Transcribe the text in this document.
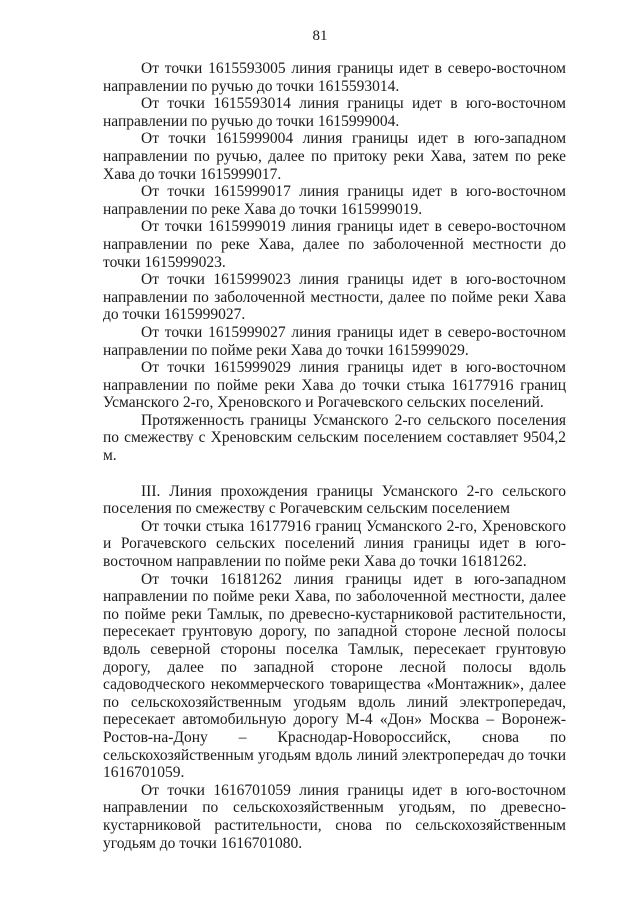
81

От точки 1615593005 линия границы идет в северо-восточном направлении по ручью до точки 1615593014.

От точки 1615593014 линия границы идет в юго-восточном направлении по ручью до точки 1615999004.

От точки 1615999004 линия границы идет в юго-западном направлении по ручью, далее по притоку реки Хава, затем по реке Хава до точки 1615999017.

От точки 1615999017 линия границы идет в юго-восточном направлении по реке Хава до точки 1615999019.

От точки 1615999019 линия границы идет в северо-восточном направлении по реке Хава, далее по заболоченной местности до точки 1615999023.

От точки 1615999023 линия границы идет в юго-восточном направлении по заболоченной местности, далее по пойме реки Хава до точки 1615999027.

От точки 1615999027 линия границы идет в северо-восточном направлении по пойме реки Хава до точки 1615999029.

От точки 1615999029 линия границы идет в юго-восточном направлении по пойме реки Хава до точки стыка 16177916 границ Усманского 2-го, Хреновского и Рогачевского сельских поселений.

Протяженность границы Усманского 2-го сельского поселения по смежеству с Хреновским сельским поселением составляет 9504,2 м.

III. Линия прохождения границы Усманского 2-го сельского поселения по смежеству с Рогачевским сельским поселением

От точки стыка 16177916 границ Усманского 2-го, Хреновского и Рогачевского сельских поселений линия границы идет в юго-восточном направлении по пойме реки Хава до точки 16181262.

От точки 16181262 линия границы идет в юго-западном направлении по пойме реки Хава, по заболоченной местности, далее по пойме реки Тамлык, по древесно-кустарниковой растительности, пересекает грунтовую дорогу, по западной стороне лесной полосы вдоль северной стороны поселка Тамлык, пересекает грунтовую дорогу, далее по западной стороне лесной полосы вдоль садоводческого некоммерческого товарищества «Монтажник», далее по сельскохозяйственным угодьям вдоль линий электропередач, пересекает автомобильную дорогу М-4 «Дон» Москва – Воронеж-Ростов-на-Дону – Краснодар-Новороссийск, снова по сельскохозяйственным угодьям вдоль линий электропередач до точки 1616701059.

От точки 1616701059 линия границы идет в юго-восточном направлении по сельскохозяйственным угодьям, по древесно-кустарниковой растительности, снова по сельскохозяйственным угодьям до точки 1616701080.
